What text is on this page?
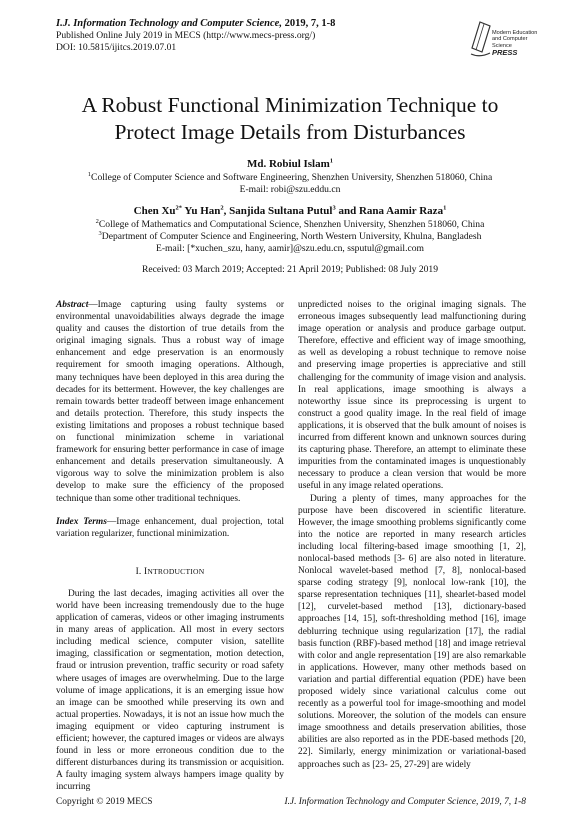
I.J. Information Technology and Computer Science, 2019, 7, 1-8
Published Online July 2019 in MECS (http://www.mecs-press.org/)
DOI: 10.5815/ijitcs.2019.07.01
Modern Education
and Computer Science
PRESS
A Robust Functional Minimization Technique to
Protect Image Details from Disturbances
Md. Robiul Islam$^1$
$^1$College of Computer Science and Software Engineering, Shenzhen University, Shenzhen 518060, China
E-mail: robi@szu.eddu.cn
Chen $Xu^{2*}$ Yu Han$^2$, Sanjida Sultana Putul$^3$ and Rana Aamir Raza$^1$
$^2$College of Mathematics and Computational Science, Shenzhen University, Shenzhen 518060, China
$^3$Department of Computer Science and Engineering, North Western University, Khulna, Bangladesh
E-mail: [*xuchen_szu, hany, aamir]@szu.edu.cn, ssputul@gmail.com
Received: 03 March 2019; Accepted: 21 April 2019; Published: 08 July 2019

Abstract—Image capturing using faulty systems or environmental unavoidabilities always degrade the image quality and causes the distortion of true details from the original imaging signals. Thus a robust way of image enhancement and edge preservation is an enormously requirement for smooth imaging operations. Although, many techniques have been deployed in this area during the decades for its betterment. However, the key challenges are remain towards better tradeoff between image enhancement and details protection. Therefore, this study inspects the existing limitations and proposes a robust technique based on functional minimization scheme in variational framework for ensuring better performance in case of image enhancement and details preservation simultaneously. A vigorous way to solve the minimization problem is also develop to make sure the efficiency of the proposed technique than some other traditional techniques.

Index Terms—Image enhancement, dual projection, total variation regularizer, functional minimization.

I. INTRODUCTION

During the last decades, imaging activities all over the world have been increasing tremendously due to the huge application of cameras, videos or other imaging instruments in many areas of application. All most in every sectors including medical science, computer vision, satellite imaging, classification or segmentation, motion detection, fraud or intrusion prevention, traffic security or road safety where usages of images are overwhelming. Due to the large volume of image applications, it is an emerging issue how an image can be smoothed while preserving its own and actual properties. Nowadays, it is not an issue how much the imaging equipment or video capturing instrument is efficient; however, the captured images or videos are always found in less or more erroneous condition due to the different disturbances during its transmission or acquisition. A faulty imaging system always hampers image quality by incurring

unpredicted noises to the original imaging signals. The erroneous images subsequently lead malfunctioning during image operation or analysis and produce garbage output. Therefore, effective and efficient way of image smoothing, as well as developing a robust technique to remove noise and preserving image properties is appreciative and still challenging for the community of image vision and analysis. In real applications, image smoothing is always a noteworthy issue since its preprocessing is urgent to construct a good quality image. In the real field of image applications, it is observed that the bulk amount of noises is incurred from different known and unknown sources during its capturing phase. Therefore, an attempt to eliminate these impurities from the contaminated images is unquestionably necessary to produce a clean version that would be more useful in any image related operations.

During a plenty of times, many approaches for the purpose have been discovered in scientific literature. However, the image smoothing problems significantly come into the notice are reported in many research articles including local filtering-based image smoothing [1, 2], nonlocal-based methods [3- 6] are also noted in literature. Nonlocal wavelet-based method [7, 8], nonlocal-based sparse coding strategy [9], nonlocal low-rank [10], the sparse representation techniques [11], shearlet-based model [12], curvelet-based method [13], dictionary-based approaches [14, 15], soft-thresholding method [16], image deblurring technique using regularization [17], the radial basis function (RBF)-based method [18] and image retrieval with color and angle representation [19] are also remarkable in applications. However, many other methods based on variation and partial differential equation (PDE) have been proposed widely since variational calculus come out recently as a powerful tool for image-smoothing and model solutions. Moreover, the solution of the models can ensure image smoothness and details preservation abilities, those abilities are also reported as in the PDE-based methods [20, 22]. Similarly, energy minimization or variational-based approaches such as [23- 25, 27-29] are widely

Copyright © 2019 MECS	I.J. Information Technology and Computer Science, 2019, 7, 1-8
